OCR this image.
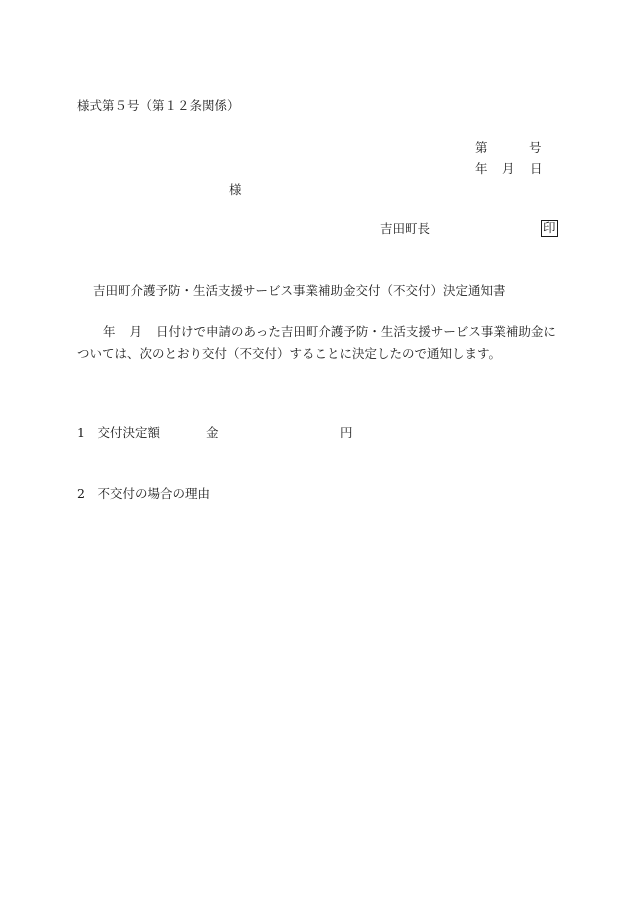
様式第５号（第１２条関係）
第	号
年 月 日
様
吉田町長	印
吉田町介護予防・生活支援サービス事業補助金交付（不交付）決定通知書
年 月 日付けで申請のあった吉田町介護予防・生活支援サービス事業補助金については、次のとおり交付（不交付）することに決定したので通知します。
1　交付決定額	金	円
2　不交付の場合の理由
